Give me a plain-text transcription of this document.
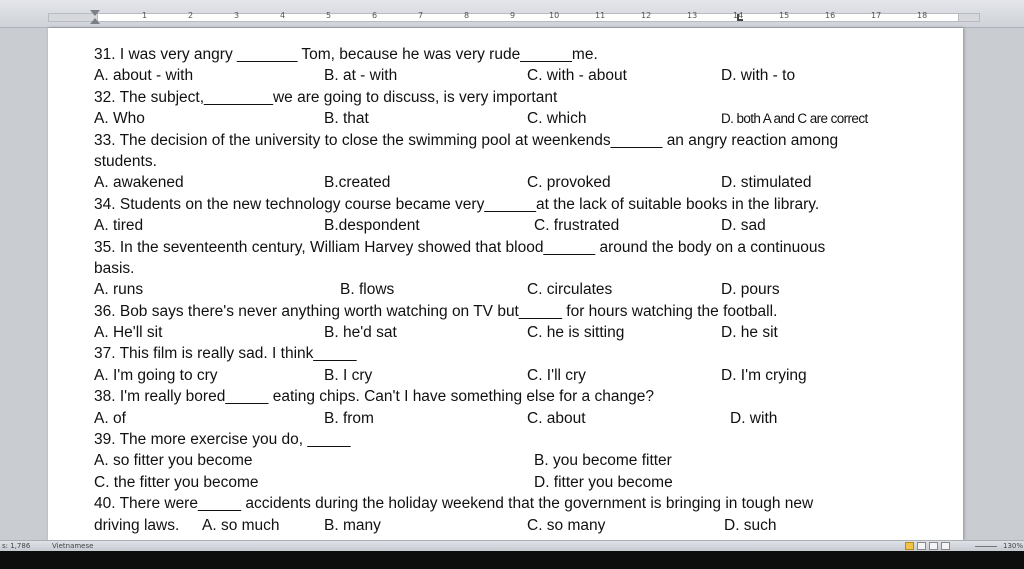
1	2	3	4	5	6	7	8	9	10	11	12	13	14	15	16	17	18
31. I was very angry _______ Tom, because he was very rude______me.
A. about - with	B. at - with	C. with - about	D. with - to
32. The subject,________we are going to discuss, is very important
A. Who	B. that	C. which	D. both A and C are correct
33. The decision of the university to close the swimming pool at weenkends______ an angry reaction among
students.
A. awakened	B.created	C. provoked	D. stimulated
34. Students on the new technology course became very______at the lack of suitable books in the library.
A. tired	B.despondent	C. frustrated	D. sad
35. In the seventeenth century, William Harvey showed that blood______ around the body on a continuous
basis.
A. runs	B. flows	C. circulates	D. pours
36. Bob says there's never anything worth watching on TV but_____ for hours watching the football.
A. He'll sit	B. he'd sat	C. he is sitting	D. he sit
37. This film is really sad. I think_____
A. I'm going to cry	B. I cry	C. I'll cry	D. I'm crying
38. I'm really bored_____ eating chips. Can't I have something else for a change?
A. of	B. from	C. about	D. with
39. The more exercise you do, _____
A. so fitter you become	B. you become fitter
C. the fitter you become	D. fitter you become
40. There were_____ accidents during the holiday weekend that the government is bringing in tough new
driving laws. A. so much	B. many	C. so many	D. such
s: 1,786	Vietnamese	130%
